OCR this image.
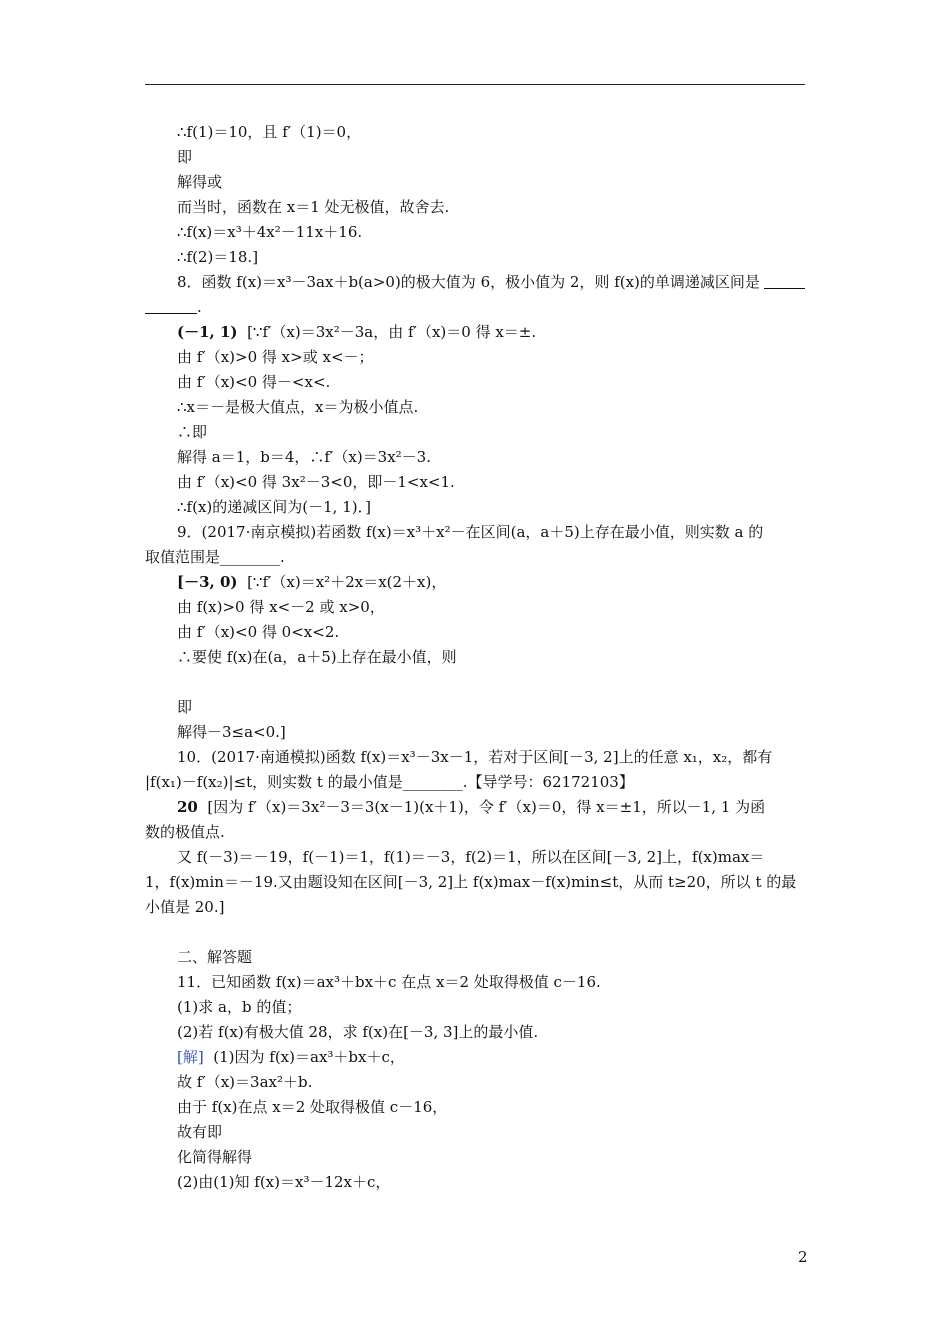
∴f(1)＝10，且 f′（1)＝0，
即
解得或
而当时，函数在 x＝1 处无极值，故舍去.
∴f(x)＝x³＋4x²－11x＋16.
∴f(2)＝18.]
8．函数 f(x)＝x³－3ax＋b(a>0)的极大值为 6，极小值为 2，则 f(x)的单调递减区间是
.
(－1, 1) [∵f′（x)＝3x²－3a，由 f′（x)＝0 得 x＝±.
由 f′（x)>0 得 x>或 x<－；
由 f′（x)<0 得－<x<.
∴x＝－是极大值点，x＝为极小值点.
∴即
解得 a＝1，b＝4，∴f′（x)＝3x²－3.
由 f′（x)<0 得 3x²－3<0，即－1<x<1.
∴f(x)的递减区间为(－1, 1)．]
9．(2017·南京模拟)若函数 f(x)＝x³＋x²－在区间(a，a＋5)上存在最小值，则实数 a 的
取值范围是________.
[－3, 0) [∵f′（x)＝x²＋2x＝x(2＋x)，
由 f(x)>0 得 x<－2 或 x>0，
由 f′（x)<0 得 0<x<2.
∴要使 f(x)在(a，a＋5)上存在最小值，则
即
解得－3≤a<0.]
10．(2017·南通模拟)函数 f(x)＝x³－3x－1，若对于区间[－3, 2]上的任意 x₁，x₂，都有
|f(x₁)－f(x₂)|≤t，则实数 t 的最小值是________.【导学号：62172103】
20 [因为 f′（x)＝3x²－3＝3(x－1)(x＋1)，令 f′（x)＝0，得 x＝±1，所以－1, 1 为函
数的极值点.
又 f(－3)＝－19，f(－1)＝1，f(1)＝－3，f(2)＝1，所以在区间[－3, 2]上，f(x)max＝
1，f(x)min＝－19.又由题设知在区间[－3, 2]上 f(x)max－f(x)min≤t，从而 t≥20，所以 t 的最
小值是 20.]
二、解答题
11．已知函数 f(x)＝ax³＋bx＋c 在点 x＝2 处取得极值 c－16.
(1)求 a，b 的值；
(2)若 f(x)有极大值 28，求 f(x)在[－3, 3]上的最小值.
[解] (1)因为 f(x)＝ax³＋bx＋c，
故 f′（x)＝3ax²＋b.
由于 f(x)在点 x＝2 处取得极值 c－16，
故有即
化简得解得
(2)由(1)知 f(x)＝x³－12x＋c，
2
